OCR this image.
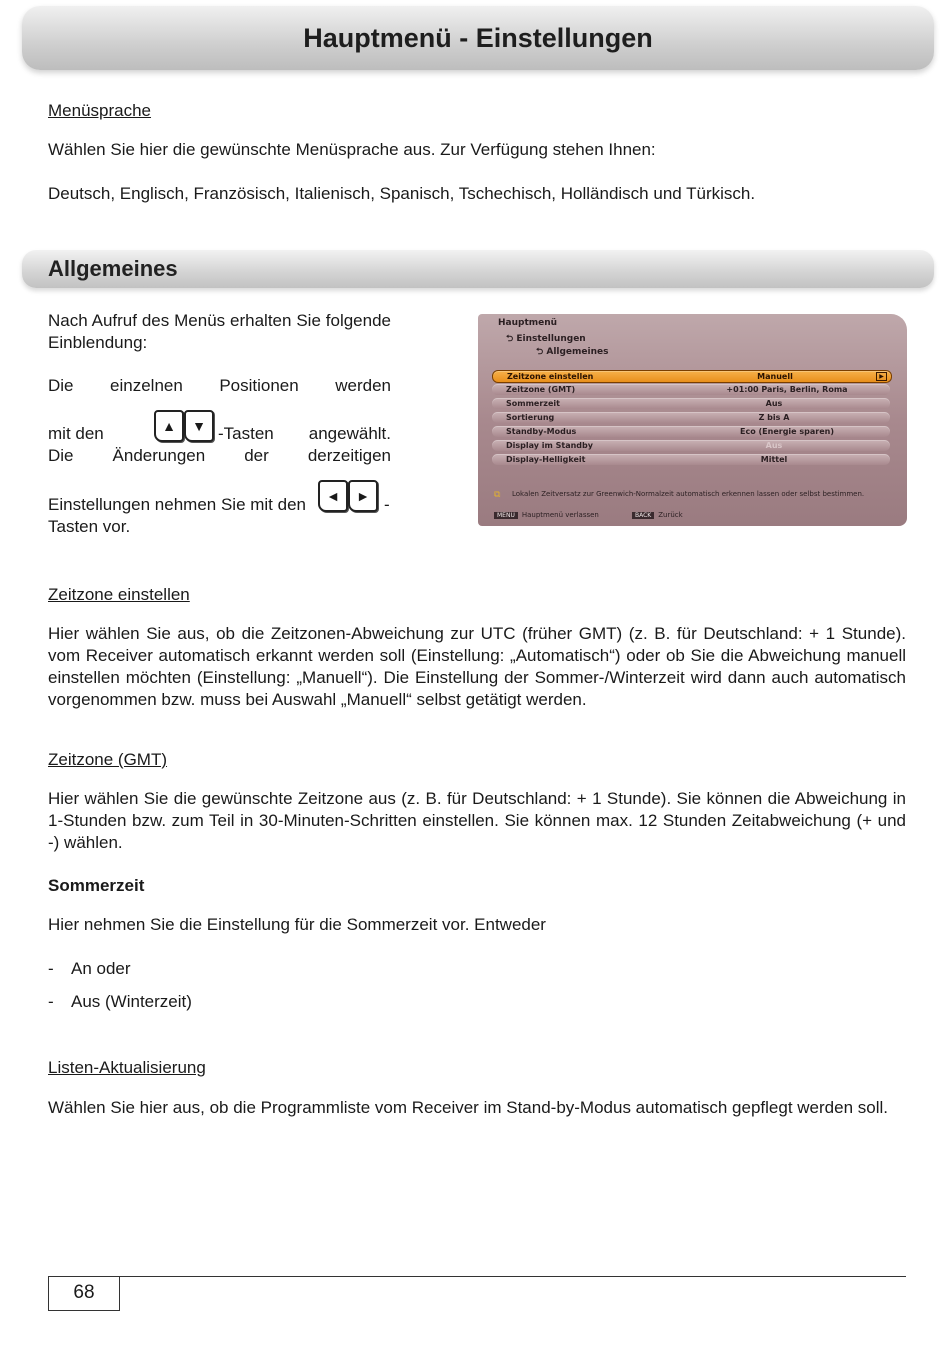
Hauptmenü - Einstellungen
Menüsprache
Wählen Sie hier die gewünschte Menüsprache aus. Zur Verfügung stehen Ihnen:
Deutsch, Englisch, Französisch, Italienisch, Spanisch, Tschechisch, Holländisch und Türkisch.
Allgemeines
Nach Aufruf des Menüs erhalten Sie folgende Einblendung:
Die einzelnen Positionen werden
mit den	▲ ▼ -Tasten angewählt.
Die Änderungen der derzeitigen
Einstellungen nehmen Sie mit den	◄ ► -
Tasten vor.
Hauptmenü
⮌ Einstellungen
⮌ Allgemeines
Zeitzone einstellen	Manuell	▶
Zeitzone (GMT)	+01:00 Paris, Berlin, Roma
Sommerzeit	Aus
Sortierung	Z bis A
Standby-Modus	Eco (Energie sparen)
Display im Standby	Aus
Display-Helligkeit	Mittel
⧉ Lokalen Zeitversatz zur Greenwich-Normalzeit automatisch erkennen lassen oder selbst bestimmen.
MENU Hauptmenü verlassen	BACK Zurück
Zeitzone einstellen
Hier wählen Sie aus, ob die Zeitzonen-Abweichung zur UTC (früher GMT) (z. B. für Deutschland: + 1 Stunde). vom Receiver automatisch erkannt werden soll (Einstellung: „Automatisch“) oder ob Sie die Abweichung manuell einstellen möchten (Einstellung: „Manuell“). Die Einstellung der Sommer-/Winterzeit wird dann auch automatisch vorgenommen bzw. muss bei Auswahl „Manuell“ selbst getätigt werden.
Zeitzone (GMT)
Hier wählen Sie die gewünschte Zeitzone aus (z. B. für Deutschland: + 1 Stunde). Sie können die Abweichung in 1-Stunden bzw. zum Teil in 30-Minuten-Schritten einstellen. Sie können max. 12 Stunden Zeitabweichung (+ und -) wählen.
Sommerzeit
Hier nehmen Sie die Einstellung für die Sommerzeit vor. Entweder
- An oder
- Aus (Winterzeit)
Listen-Aktualisierung
Wählen Sie hier aus, ob die Programmliste vom Receiver im Stand-by-Modus automatisch gepflegt werden soll.
68
